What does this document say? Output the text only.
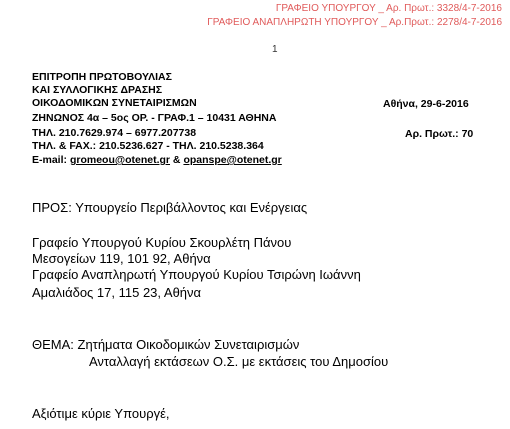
ΓΡΑΦΕΙΟ ΥΠΟΥΡΓΟΥ _ Αρ. Πρωτ.: 3328/4-7-2016
ΓΡΑΦΕΙΟ ΑΝΑΠΛΗΡΩΤΗ ΥΠΟΥΡΓΟΥ _ Αρ.Πρωτ.: 2278/4-7-2016
1
ΕΠΙΤΡΟΠΗ ΠΡΩΤΟΒΟΥΛΙΑΣ
ΚΑΙ ΣΥΛΛΟΓΙΚΗΣ ΔΡΑΣΗΣ
ΟΙΚΟΔΟΜΙΚΩΝ ΣΥΝΕΤΑΙΡΙΣΜΩΝ
ΖΗΝΩΝΟΣ 4α – 5ος ΟΡ. - ΓΡΑΦ.1 – 10431 ΑΘΗΝΑ
ΤΗΛ. 210.7629.974 – 6977.207738
ΤΗΛ. & FAX.: 210.5236.627 - ΤΗΛ. 210.5238.364
E-mail: gromeou@otenet.gr & opanspe@otenet.gr
Αθήνα, 29-6-2016
Αρ. Πρωτ.: 70
ΠΡΟΣ: Υπουργείο Περιβάλλοντος και Ενέργειας
Γραφείο Υπουργού Κυρίου Σκουρλέτη Πάνου
Μεσογείων 119, 101 92, Αθήνα
Γραφείο Αναπληρωτή Υπουργού Κυρίου Τσιρώνη Ιωάννη
Αμαλιάδος 17, 115 23, Αθήνα
ΘΕΜΑ: Ζητήματα Οικοδομικών Συνεταιρισμών
Ανταλλαγή εκτάσεων Ο.Σ. με εκτάσεις του Δημοσίου
Αξιότιμε κύριε Υπουργέ,
